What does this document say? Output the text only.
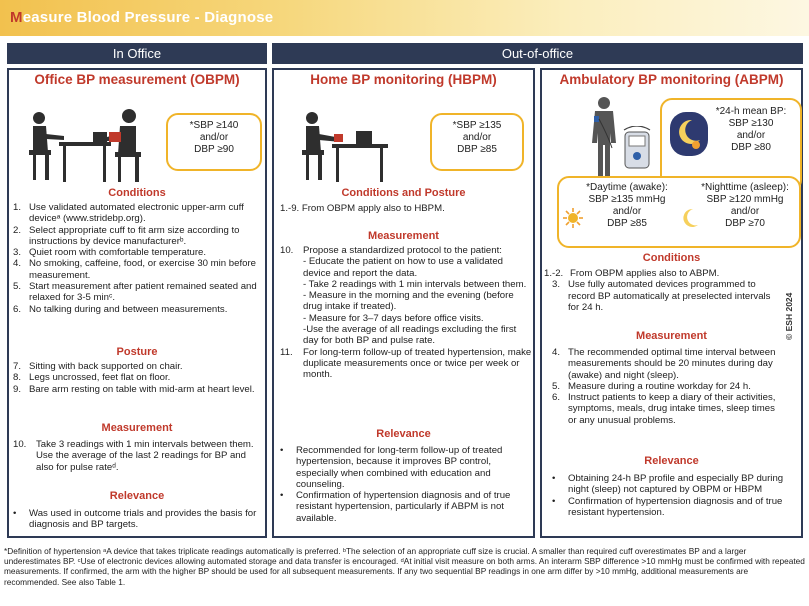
Measure Blood Pressure - Diagnose
In Office	Out-of-office
Office BP measurement (OBPM)
*SBP ≥140
and/or
DBP ≥90
Conditions
1. Use validated automated electronic upper-arm cuff deviceᵃ (www.stridebp.org).
2. Select appropriate cuff to fit arm size according to instructions by device manufacturerᵇ.
3. Quiet room with comfortable temperature.
4. No smoking, caffeine, food, or exercise 30 min before measurement.
5. Start measurement after patient remained seated and relaxed for 3-5 minᶜ.
6. No talking during and between measurements.
Posture
7. Sitting with back supported on chair.
8. Legs uncrossed, feet flat on floor.
9. Bare arm resting on table with mid-arm at heart level.
Measurement
10.	Take 3 readings with 1 min intervals between them. Use the average of the last 2 readings for BP and also for pulse rateᵈ.
Relevance
•	Was used in outcome trials and provides the basis for diagnosis and BP targets.
Home BP monitoring (HBPM)
*SBP ≥135
and/or
DBP ≥85
Conditions and Posture
1.-9. From OBPM apply also to HBPM.
Measurement
10.	Propose a standardized protocol to the patient:
- Educate the patient on how to use a validated device and report the data.
- Take 2 readings with 1 min intervals between them.
- Measure in the morning and the evening (before drug intake if treated).
- Measure for 3–7 days before office visits.
-Use the average of all readings excluding the first day for both BP and pulse rate.
11.	For long-term follow-up of treated hypertension, make duplicate measurements once or twice per week or month.
Relevance
•	Recommended for long-term follow-up of treated hypertension, because it improves BP control, especially when combined with education and counseling.
•	Confirmation of hypertension diagnosis and of true resistant hypertension, particularly if ABPM is not available.
Ambulatory BP monitoring (ABPM)
*24-h mean BP:
SBP ≥130
and/or
DBP ≥80
*Daytime (awake):
SBP ≥135 mmHg
and/or
DBP ≥85
*Nighttime (asleep):
SBP ≥120 mmHg
and/or
DBP ≥70
Conditions
1.-2. From OBPM applies also to ABPM.
3. Use fully automated devices programmed to record BP automatically at preselected intervals for 24 h.
Measurement
4. The recommended optimal time interval between measurements should be 20 minutes during day (awake) and night (sleep).
5. Measure during a routine workday for 24 h.
6. Instruct patients to keep a diary of their activities, symptoms, meals, drug intake times, sleep times or any unusual problems.
Relevance
•	Obtaining 24-h BP profile and especially BP during night (sleep) not captured by OBPM or HBPM
•	Confirmation of hypertension diagnosis and of true resistant hypertension.
© ESH 2024
*Definition of hypertension ᵃA device that takes triplicate readings automatically is preferred. ᵇThe selection of an appropriate cuff size is crucial. A smaller than required cuff overestimates BP and a larger underestimates BP. ᶜUse of electronic devices allowing automated storage and data transfer is encouraged. ᵈAt initial visit measure on both arms. An interarm SBP difference >10 mmHg must be confirmed with repeated measurements. If confirmed, the arm with the higher BP should be used for all subsequent measurements. If any two sequential BP readings in one arm differ by >10 mmHg, additional measurements are recommended. See also Table 1.
